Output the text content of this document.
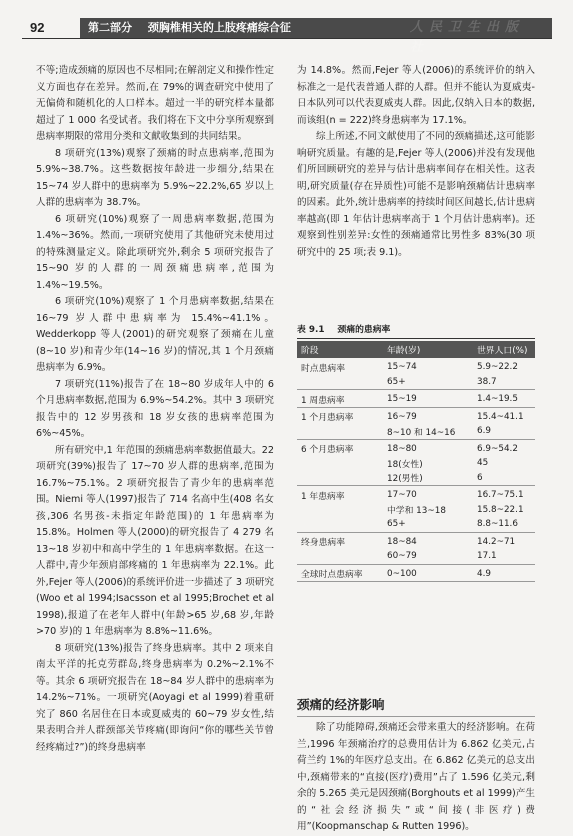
92	第二部分 颈胸椎相关的上肢疼痛综合征	人民卫生出版社

不等;造成颈痛的原因也不尽相同;在解剖定义和操作性定义方面也存在差异。然而,在 79%的调查研究中使用了无偏倚和随机化的人口样本。超过一半的研究样本量都超过了 1 000 名受试者。我们将在下文中分享所观察到患病率期限的常用分类和文献收集到的共同结果。

8 项研究(13%)观察了颈痛的时点患病率,范围为 5.9%~38.7%。这些数据按年龄进一步细分,结果在 15~74 岁人群中的患病率为 5.9%~22.2%,65 岁以上人群的患病率为 38.7%。

6 项研究(10%)观察了一周患病率数据,范围为 1.4%~36%。然而,一项研究使用了其他研究未使用过的特殊测量定义。除此项研究外,剩余 5 项研究报告了 15~90 岁的人群的一周颈痛患病率,范围为 1.4%~19.5%。

6 项研究(10%)观察了 1 个月患病率数据,结果在 16~79 岁人群中患病率为 15.4%~41.1%。Wedderkopp 等人(2001)的研究观察了颈痛在儿童(8~10 岁)和青少年(14~16 岁)的情况,其 1 个月颈痛患病率为 6.9%。

7 项研究(11%)报告了在 18~80 岁成年人中的 6 个月患病率数据,范围为 6.9%~54.2%。其中 3 项研究报告中的 12 岁男孩和 18 岁女孩的患病率范围为 6%~45%。

所有研究中,1 年范围的颈痛患病率数据值最大。22 项研究(39%)报告了 17~70 岁人群的患病率,范围为 16.7%~75.1%。2 项研究报告了青少年的患病率范围。Niemi 等人(1997)报告了 714 名高中生(408 名女孩,306 名男孩-未指定年龄范围)的 1 年患病率为 15.8%。Holmen 等人(2000)的研究报告了 4 279 名 13~18 岁初中和高中学生的 1 年患病率数据。在这一人群中,青少年颈肩部疼痛的 1 年患病率为 22.1%。此外,Fejer 等人(2006)的系统评价进一步描述了 3 项研究(Woo et al 1994;Isacsson et al 1995;Brochet et al 1998),报道了在老年人群中(年龄>65 岁,68 岁,年龄>70 岁)的 1 年患病率为 8.8%~11.6%。

8 项研究(13%)报告了终身患病率。其中 2 项来自南太平洋的托克劳群岛,终身患病率为 0.2%~2.1%不等。其余 6 项研究报告在 18~84 岁人群中的患病率为 14.2%~71%。一项研究(Aoyagi et al 1999)着重研究了 860 名居住在日本或夏威夷的 60~79 岁女性,结果表明合并人群颈部关节疼痛(即询问“你的哪些关节曾经疼痛过?”)的终身患病率

为 14.8%。然而,Fejer 等人(2006)的系统评价的纳入标准之一是代表普通人群的人群。但并不能认为夏威夷-日本队列可以代表夏威夷人群。因此,仅纳入日本的数据,而该组(n = 222)终身患病率为 17.1%。

综上所述,不同文献使用了不同的颈痛描述,这可能影响研究质量。有趣的是,Fejer 等人(2006)并没有发现他们所回顾研究的差异与估计患病率间存在相关性。这表明,研究质量(存在异质性)可能不是影响颈痛估计患病率的因素。此外,统计患病率的持续时间区间越长,估计患病率越高(即 1 年估计患病率高于 1 个月估计患病率)。还观察到性别差异:女性的颈痛通常比男性多 83%(30 项研究中的 25 项;表 9.1)。

表 9.1 颈痛的患病率
阶段	年龄(岁)	世界人口(%)
时点患病率	15~74	5.9~22.2
	65+	38.7
1 周患病率	15~19	1.4~19.5
1 个月患病率	16~79	15.4~41.1
	8~10 和 14~16	6.9
6 个月患病率	18~80	6.9~54.2
	18(女性)	45
	12(男性)	6
1 年患病率	17~70	16.7~75.1
	中学和 13~18	15.8~22.1
	65+	8.8~11.6
终身患病率	18~84	14.2~71
	60~79	17.1
全球时点患病率	0~100	4.9
颈痛的经济影响

除了功能障碍,颈痛还会带来重大的经济影响。在荷兰,1996 年颈痛治疗的总费用估计为 6.862 亿美元,占荷兰约 1%的年医疗总支出。在 6.862 亿美元的总支出中,颈痛带来的“直接(医疗)费用”占了 1.596 亿美元,剩余的 5.265 美元是因颈痛(Borghouts et al 1999)产生的“社会经济损失”或“间接(非医疗)费用”(Koopmanschap & Rutten 1996)。
